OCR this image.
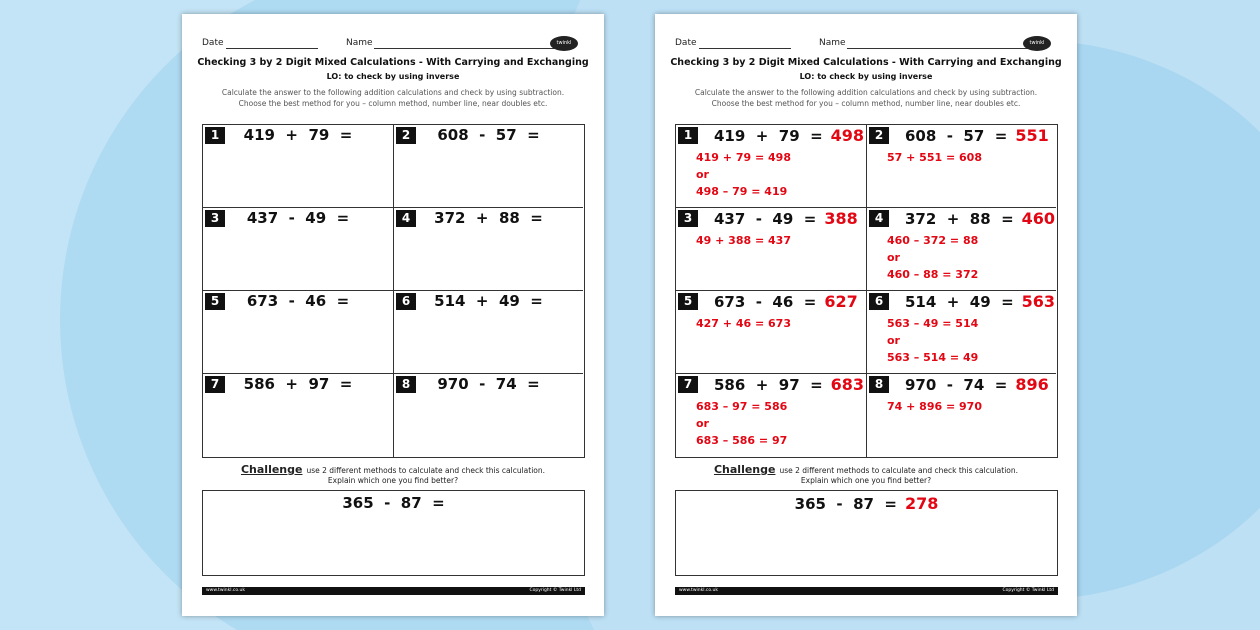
Date	Name	twinkl
Checking 3 by 2 Digit Mixed Calculations - With Carrying and Exchanging
LO: to check by using inverse
Calculate the answer to the following addition calculations and check by using subtraction.
Choose the best method for you – column method, number line, near doubles etc.
1	419  +  79  =	2	608  -  57  =
3	437  -  49  =	4	372  +  88  =
5	673  -  46  =	6	514  +  49  =
7	586  +  97  =	8	970  -  74  =
Challenge use 2 different methods to calculate and check this calculation.
Explain which one you find better?
365  -  87  =
www.twinkl.co.uk	Copyright © Twinkl Ltd
Date	Name	twinkl
Checking 3 by 2 Digit Mixed Calculations - With Carrying and Exchanging
LO: to check by using inverse
Calculate the answer to the following addition calculations and check by using subtraction.
Choose the best method for you – column method, number line, near doubles etc.
1	419  +  79  = 498
419 + 79 = 498
or
498 – 79 = 419
2	608  -  57  = 551
57 + 551 = 608
3	437  -  49  = 388
49 + 388 = 437
4	372  +  88  = 460
460 – 372 = 88
or
460 – 88 = 372
5	673  -  46  = 627
427 + 46 = 673
6	514  +  49  = 563
563 – 49 = 514
or
563 – 514 = 49
7	586  +  97  = 683
683 – 97 = 586
or
683 – 586 = 97
8	970  -  74  = 896
74 + 896 = 970
Challenge use 2 different methods to calculate and check this calculation.
Explain which one you find better?
365  -  87  = 278
www.twinkl.co.uk	Copyright © Twinkl Ltd
